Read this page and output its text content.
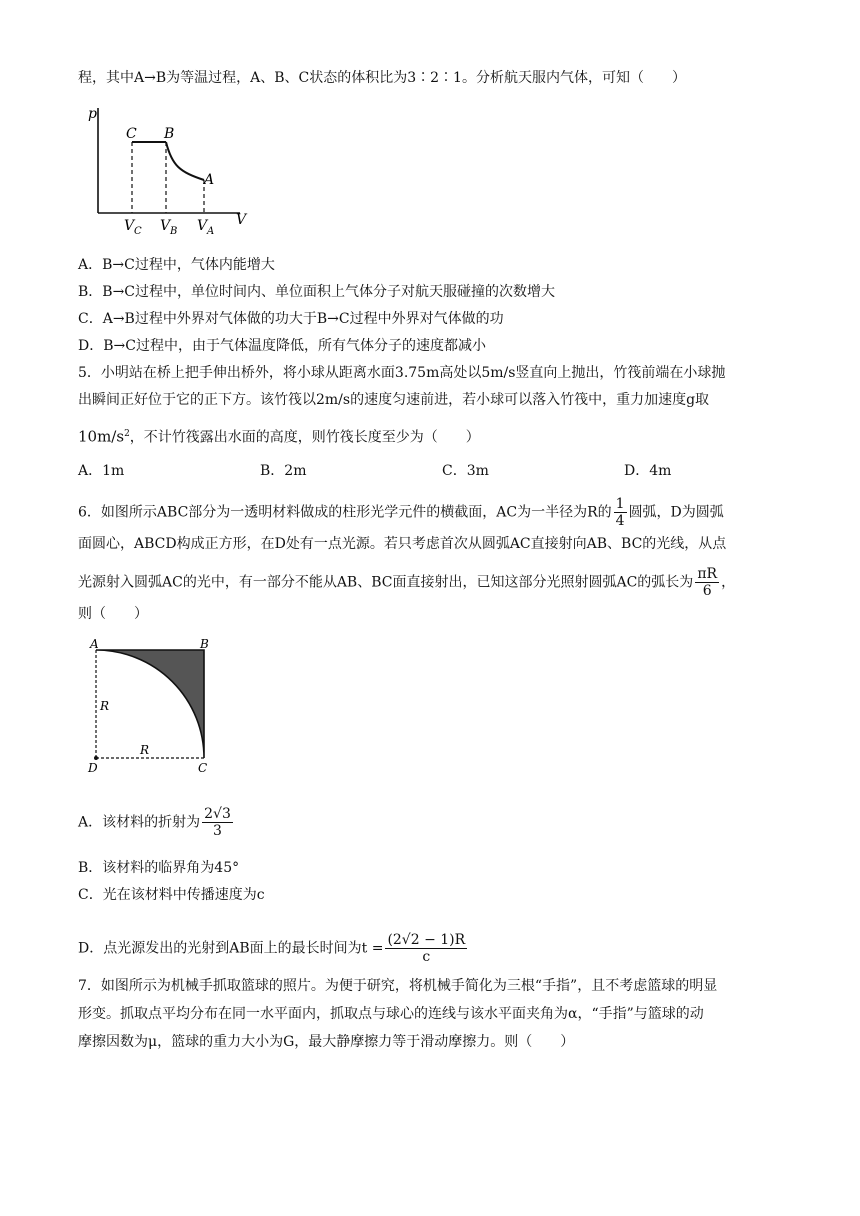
程，其中A→B为等温过程，A、B、C状态的体积比为3∶2∶1。分析航天服内气体，可知（　　）
p
V
C B
A
V C V B V A
A．B→C过程中，气体内能增大
B．B→C过程中，单位时间内、单位面积上气体分子对航天服碰撞的次数增大
C．A→B过程中外界对气体做的功大于B→C过程中外界对气体做的功
D．B→C过程中，由于气体温度降低，所有气体分子的速度都减小
5．小明站在桥上把手伸出桥外，将小球从距离水面3.75m高处以5m/s竖直向上抛出，竹筏前端在小球抛
出瞬间正好位于它的正下方。该竹筏以2m/s的速度匀速前进，若小球可以落入竹筏中，重力加速度g取
$10m/s^2$，不计竹筏露出水面的高度，则竹筏长度至少为（　　）
A．1m	B．2m	C．3m	D．4m
6．如图所示ABC部分为一透明材料做成的柱形光学元件的横截面，AC为一半径为R的 $\frac{1}{4}$ 圆弧，D为圆弧
面圆心，ABCD构成正方形，在D处有一点光源。若只考虑首次从圆弧AC直接射向AB、BC的光线，从点
光源射入圆弧AC的光中，有一部分不能从AB、BC面直接射出，已知这部分光照射圆弧AC的弧长为 $\frac{\pi R}{6}$ ，
则（　　）
A	B
C
D
R
R
A．该材料的折射为 $\frac{2√3}{3}$
B．该材料的临界角为45°
C．光在该材料中传播速度为c
D．点光源发出的光射到AB面上的最长时间为$t = \frac{(2√2 - 1)R}{c}$
7．如图所示为机械手抓取篮球的照片。为便于研究，将机械手简化为三根“手指”，且不考虑篮球的明显
形变。抓取点平均分布在同一水平面内，抓取点与球心的连线与该水平面夹角为α，“手指”与篮球的动
摩擦因数为μ，篮球的重力大小为G，最大静摩擦力等于滑动摩擦力。则（　　）
